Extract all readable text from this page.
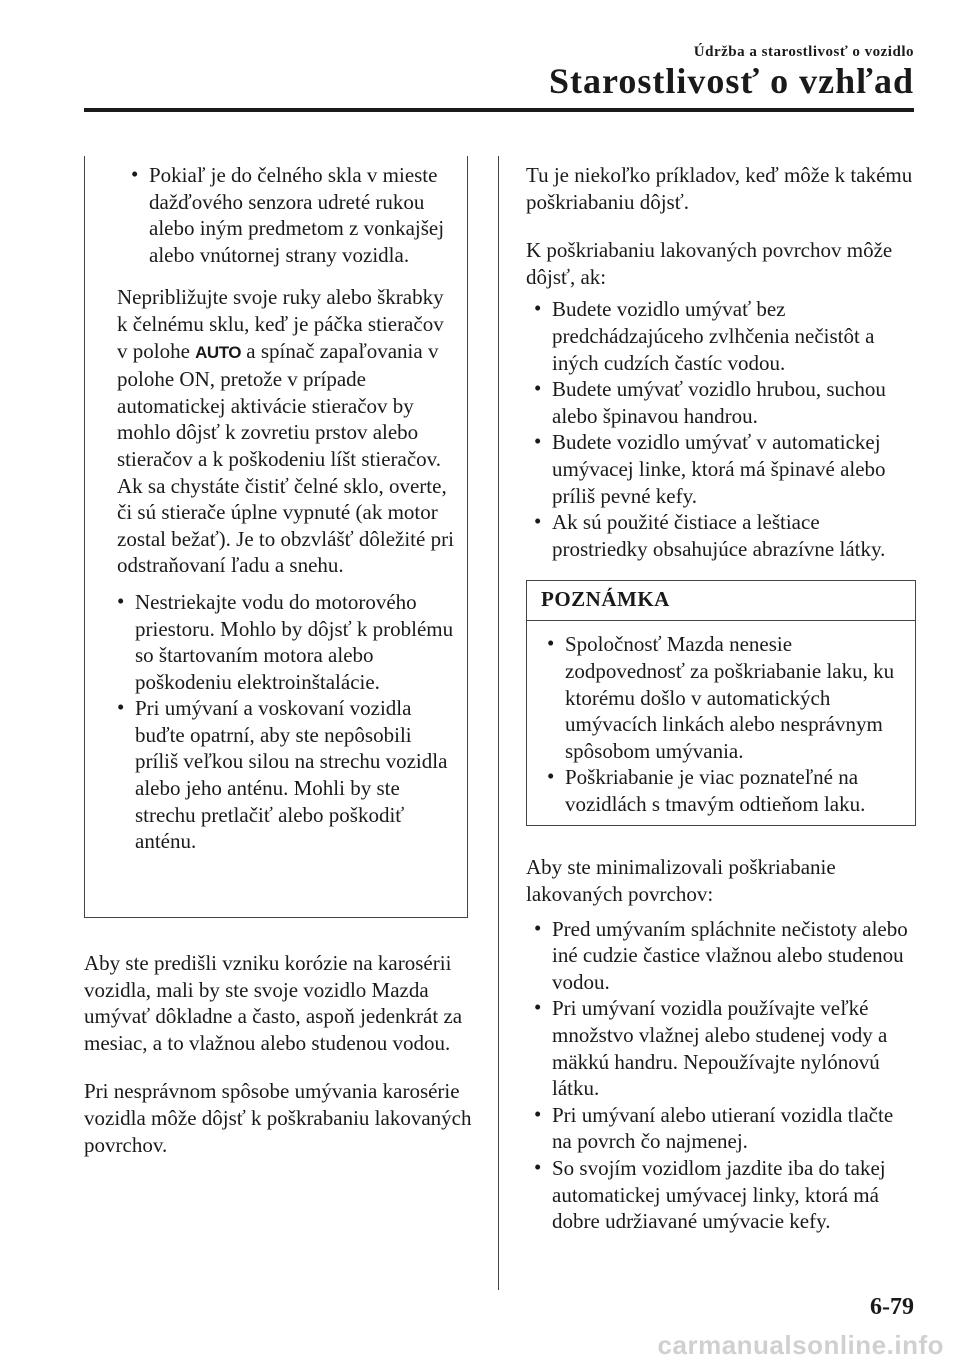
Údržba a starostlivosť o vozidlo
Starostlivosť o vzhľad
• Pokiaľ je do čelného skla v mieste dažďového senzora udreté rukou alebo iným predmetom z vonkajšej alebo vnútornej strany vozidla.

Nepribližujte svoje ruky alebo škrabky k čelnému sklu, keď je páčka stieračov v polohe AUTO a spínač zapaľovania v polohe ON, pretože v prípade automatickej aktivácie stieračov by mohlo dôjsť k zovretiu prstov alebo stieračov a k poškodeniu líšt stieračov.

Ak sa chystáte čistiť čelné sklo, overte, či sú stierače úplne vypnuté (ak motor zostal bežať). Je to obzvlášť dôležité pri odstraňovaní ľadu a snehu.

• Nestriekajte vodu do motorového priestoru. Mohlo by dôjsť k problému so štartovaním motora alebo poškodeniu elektroinštalácie.

• Pri umývaní a voskovaní vozidla buďte opatrní, aby ste nepôsobili príliš veľkou silou na strechu vozidla alebo jeho anténu. Mohli by ste strechu pretlačiť alebo poškodiť anténu.

Aby ste predišli vzniku korózie na karosérii vozidla, mali by ste svoje vozidlo Mazda umývať dôkladne a často, aspoň jedenkrát za mesiac, a to vlažnou alebo studenou vodou.

Pri nesprávnom spôsobe umývania karosérie vozidla môže dôjsť k poškrabaniu lakovaných povrchov.

Tu je niekoľko príkladov, keď môže k takému poškriabaniu dôjsť.

K poškriabaniu lakovaných povrchov môže dôjsť, ak:

• Budete vozidlo umývať bez predchádzajúceho zvlhčenia nečistôt a iných cudzích častíc vodou.

• Budete umývať vozidlo hrubou, suchou alebo špinavou handrou.

• Budete vozidlo umývať v automatickej umývacej linke, ktorá má špinavé alebo príliš pevné kefy.

• Ak sú použité čistiace a leštiace prostriedky obsahujúce abrazívne látky.

POZNÁMKA
• Spoločnosť Mazda nenesie zodpovednosť za poškriabanie laku, ku ktorému došlo v automatických umývacích linkách alebo nesprávnym spôsobom umývania.

• Poškriabanie je viac poznateľné na vozidlách s tmavým odtieňom laku.

Aby ste minimalizovali poškriabanie lakovaných povrchov:

• Pred umývaním spláchnite nečistoty alebo iné cudzie častice vlažnou alebo studenou vodou.

• Pri umývaní vozidla používajte veľké množstvo vlažnej alebo studenej vody a mäkkú handru. Nepoužívajte nylónovú látku.

• Pri umývaní alebo utieraní vozidla tlačte na povrch čo najmenej.

• So svojím vozidlom jazdite iba do takej automatickej umývacej linky, ktorá má dobre udržiavané umývacie kefy.

6-79
carmanualsonline.info
